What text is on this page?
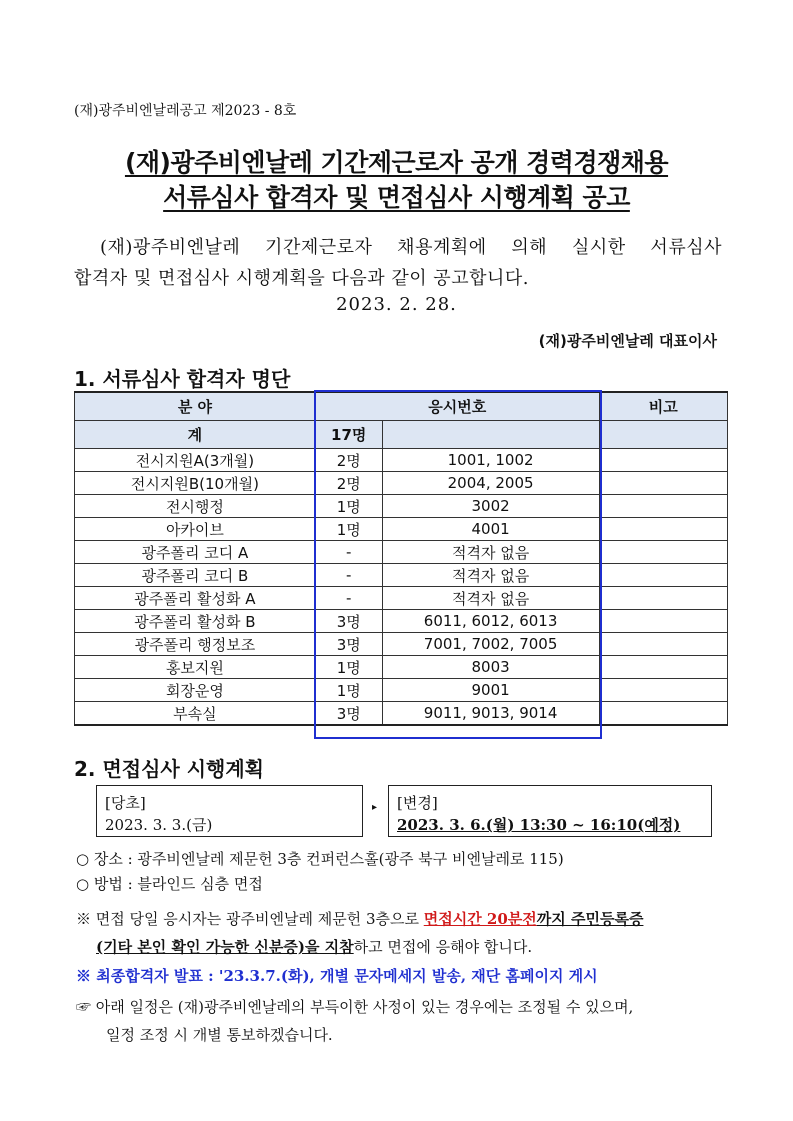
(재)광주비엔날레공고 제2023 - 8호
(재)광주비엔날레 기간제근로자 공개 경력경쟁채용
서류심사 합격자 및 면접심사 시행계획 공고
(재)광주비엔날레 기간제근로자 채용계획에 의해 실시한 서류심사
합격자 및 면접심사 시행계획을 다음과 같이 공고합니다.
2023. 2. 28.
(재)광주비엔날레 대표이사
1. 서류심사 합격자 명단
분 야	응시번호		비고
계	17명		
전시지원A(3개월)	2명	1001, 1002	
전시지원B(10개월)	2명	2004, 2005	
전시행정	1명	3002	
아카이브	1명	4001	
광주폴리 코디 A	-	적격자 없음	
광주폴리 코디 B	-	적격자 없음	
광주폴리 활성화 A	-	적격자 없음	
광주폴리 활성화 B	3명	6011, 6012, 6013	
광주폴리 행정보조	3명	7001, 7002, 7005	
홍보지원	1명	8003	
회장운영	1명	9001	
부속실	3명	9011, 9013, 9014	
2. 면접심사 시행계획
[당초]
2023. 3. 3.(금)
▸ [변경]
2023. 3. 6.(월) 13:30 ~ 16:10(예정)
○ 장소 : 광주비엔날레 제문헌 3층 컨퍼런스홀(광주 북구 비엔날레로 115)
○ 방법 : 블라인드 심층 면접
※ 면접 당일 응시자는 광주비엔날레 제문헌 3층으로 면접시간 20분전까지 주민등록증
(기타 본인 확인 가능한 신분증)을 지참하고 면접에 응해야 합니다.
※ 최종합격자 발표 : '23.3.7.(화), 개별 문자메세지 발송, 재단 홈페이지 게시
☞ 아래 일정은 (재)광주비엔날레의 부득이한 사정이 있는 경우에는 조정될 수 있으며,
일정 조정 시 개별 통보하겠습니다.
